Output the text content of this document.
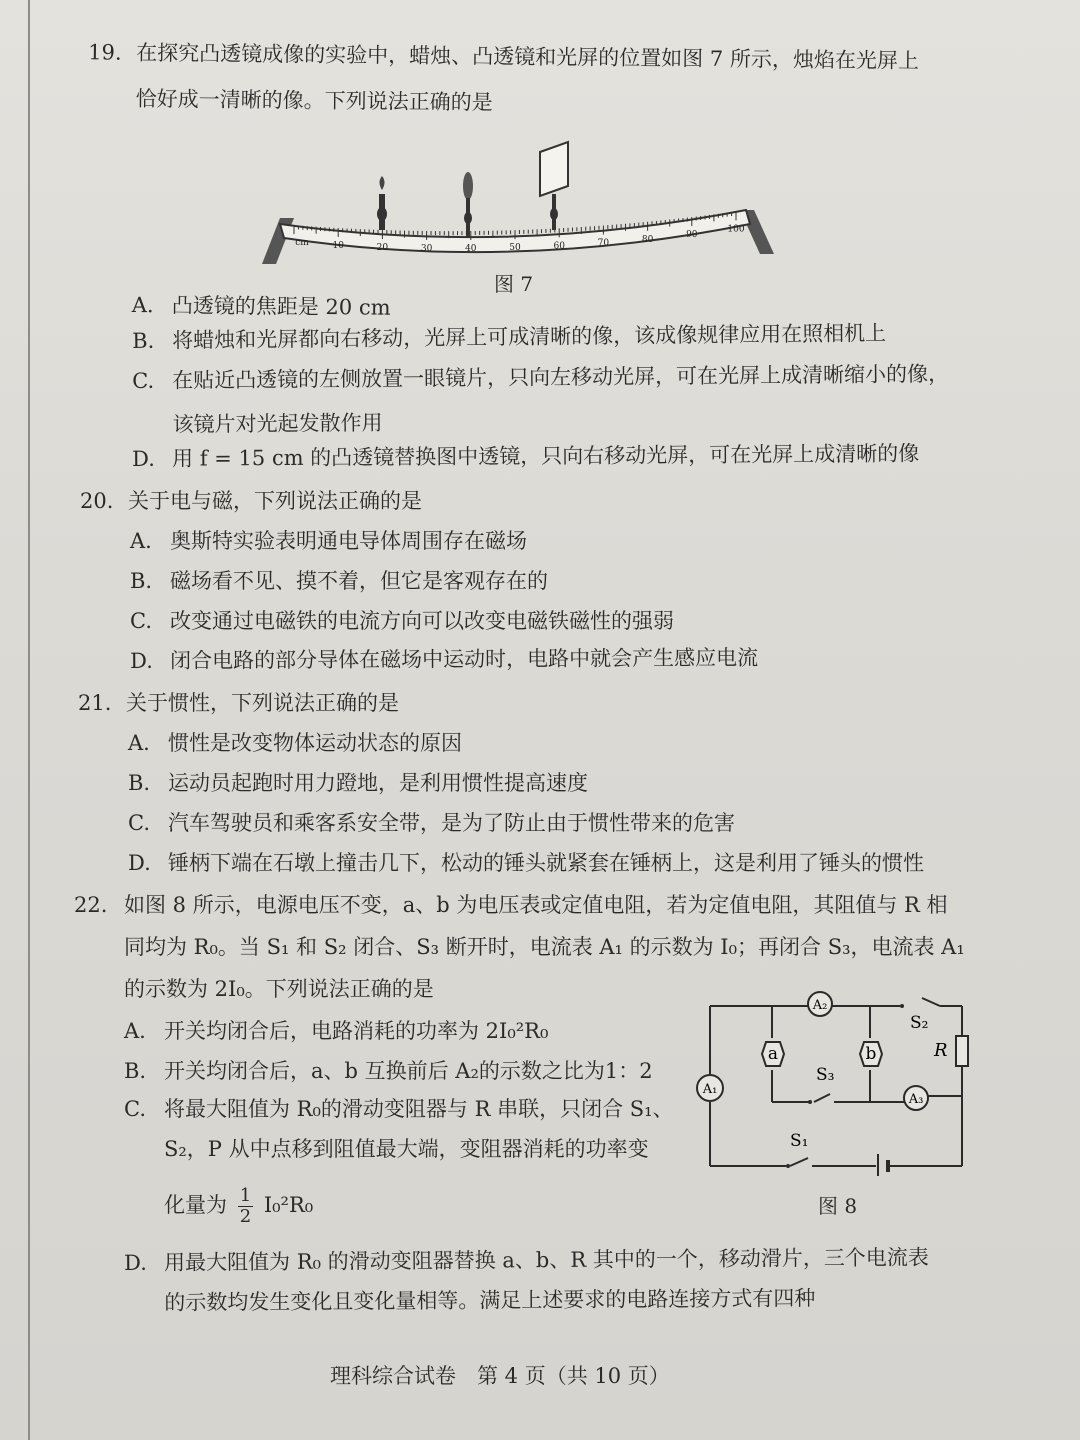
19. 在探究凸透镜成像的实验中，蜡烛、凸透镜和光屏的位置如图 7 所示，烛焰在光屏上
恰好成一清晰的像。下列说法正确的是
cm	10	20	30	40	50	60	70	80	90
100
图 7
A. 凸透镜的焦距是 20 cm
B. 将蜡烛和光屏都向右移动，光屏上可成清晰的像，该成像规律应用在照相机上
C. 在贴近凸透镜的左侧放置一眼镜片，只向左移动光屏，可在光屏上成清晰缩小的像，
该镜片对光起发散作用
D. 用 f = 15 cm 的凸透镜替换图中透镜，只向右移动光屏，可在光屏上成清晰的像
20. 关于电与磁，下列说法正确的是
A. 奥斯特实验表明通电导体周围存在磁场
B. 磁场看不见、摸不着，但它是客观存在的
C. 改变通过电磁铁的电流方向可以改变电磁铁磁性的强弱
D. 闭合电路的部分导体在磁场中运动时，电路中就会产生感应电流
21. 关于惯性，下列说法正确的是
A. 惯性是改变物体运动状态的原因
B. 运动员起跑时用力蹬地，是利用惯性提高速度
C. 汽车驾驶员和乘客系安全带，是为了防止由于惯性带来的危害
D. 锤柄下端在石墩上撞击几下，松动的锤头就紧套在锤柄上，这是利用了锤头的惯性
22. 如图 8 所示，电源电压不变，a、b 为电压表或定值电阻，若为定值电阻，其阻值与 R 相
同均为 R₀。当 S₁ 和 S₂ 闭合、S₃ 断开时，电流表 A₁ 的示数为 I₀；再闭合 S₃，电流表 A₁
的示数为 2I₀。下列说法正确的是
A. 开关均闭合后，电路消耗的功率为 2I₀²R₀
B. 开关均闭合后，a、b 互换前后 A₂的示数之比为1：2
C. 将最大阻值为 R₀的滑动变阻器与 R 串联，只闭合 S₁、
S₂，P 从中点移到阻值最大端，变阻器消耗的功率变
化量为 $\frac{1}{2} I_0^2R_0$
D. 用最大阻值为 R₀ 的滑动变阻器替换 a、b、R 其中的一个，移动滑片，三个电流表
的示数均发生变化且变化量相等。满足上述要求的电路连接方式有四种
a	b	R
A₂
A₁
A₃
S₂
S₃
S₁
图 8
理科综合试卷　第 4 页（共 10 页）
